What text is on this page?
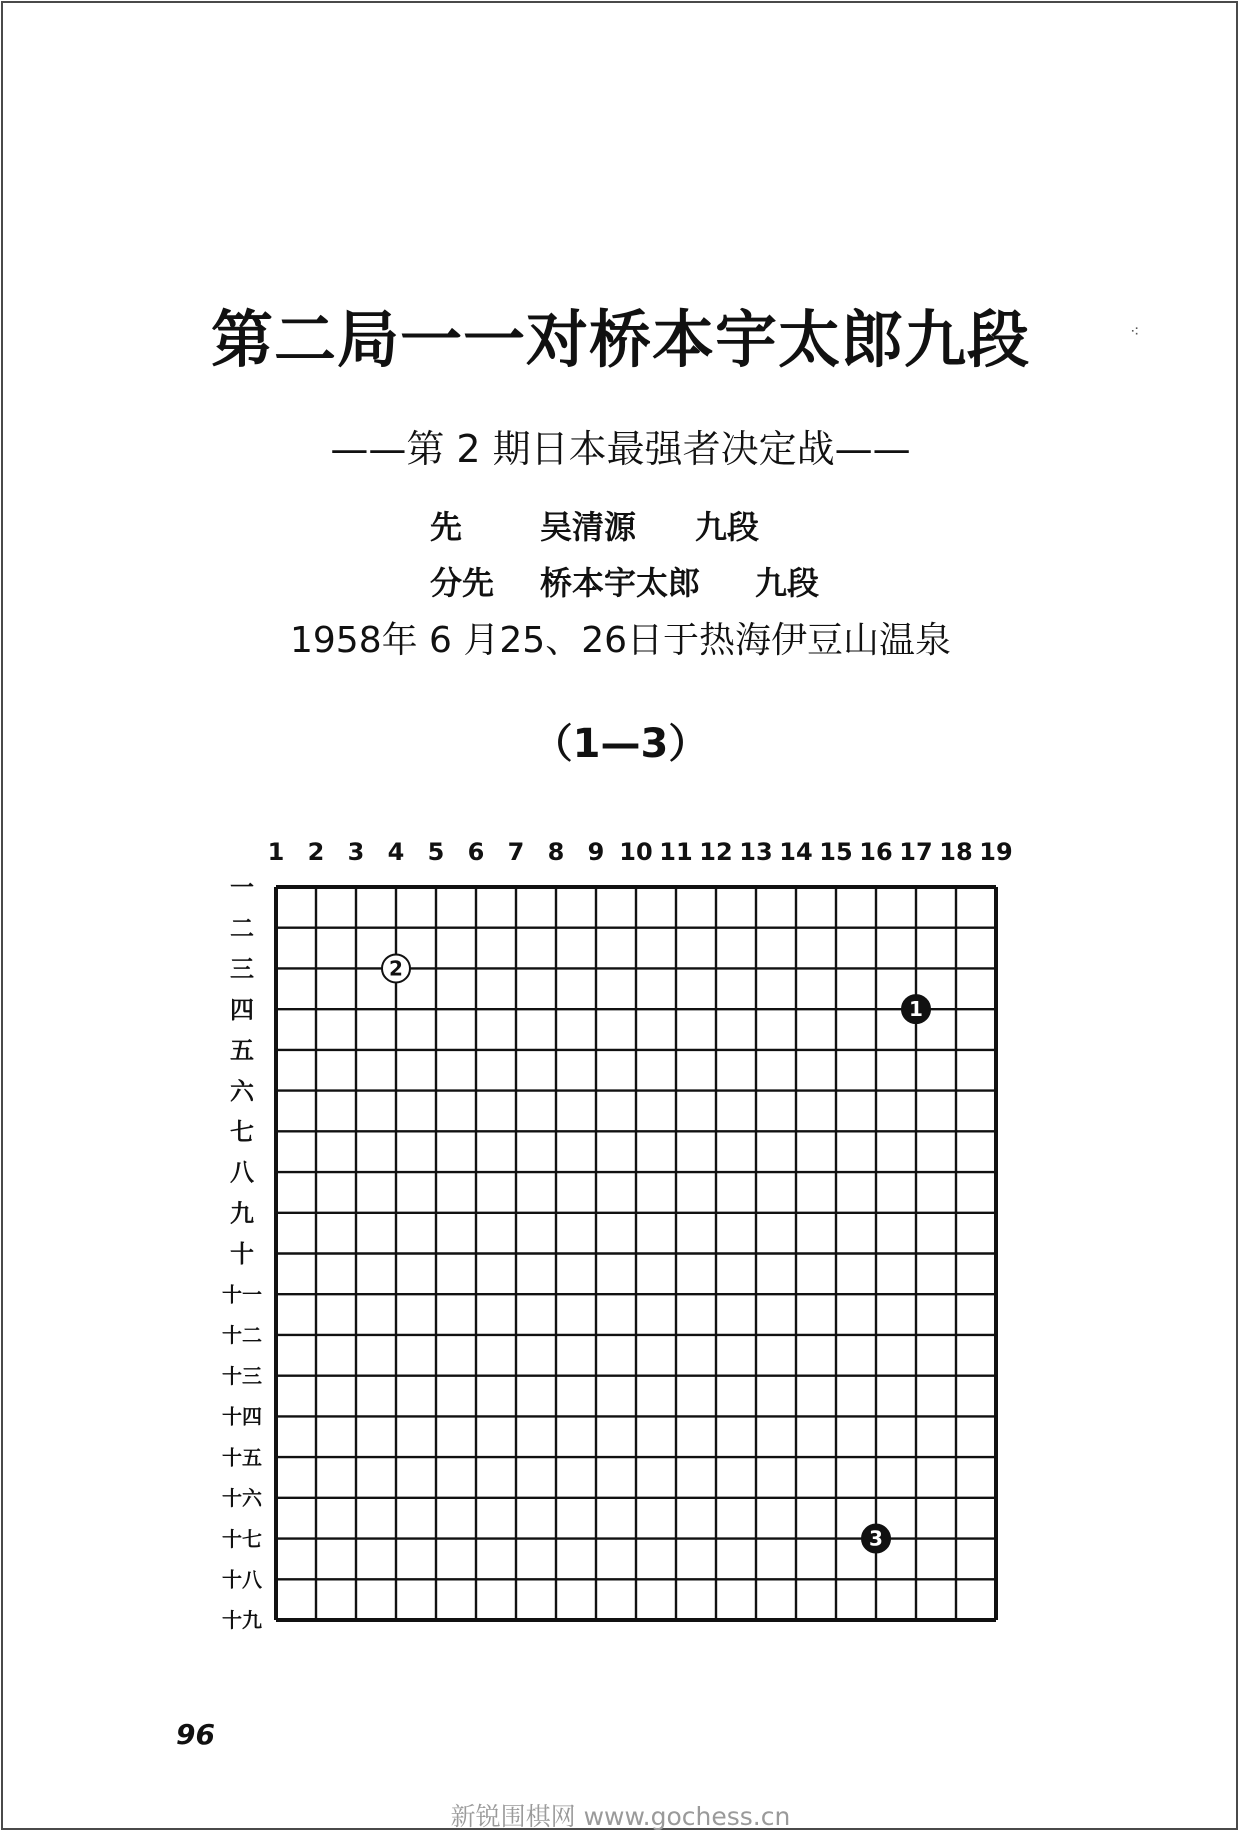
第二局一一对桥本宇太郎九段
——第 2 期日本最强者决定战——
先 吴清源 九段
分先 桥本宇太郎 九段
1958年 6 月25、26日于热海伊豆山温泉
（1—3）
1 2 3 4 5 6 7 8 9 10 11 12 13 14 15 16 17 18 19
一
二
三
四
五
六
七
八
九
十
十一
十二
十三
十四
十五
十六
十七
十八
十九
1
2
3
⁖
96
新锐围棋网 www.gochess.cn
